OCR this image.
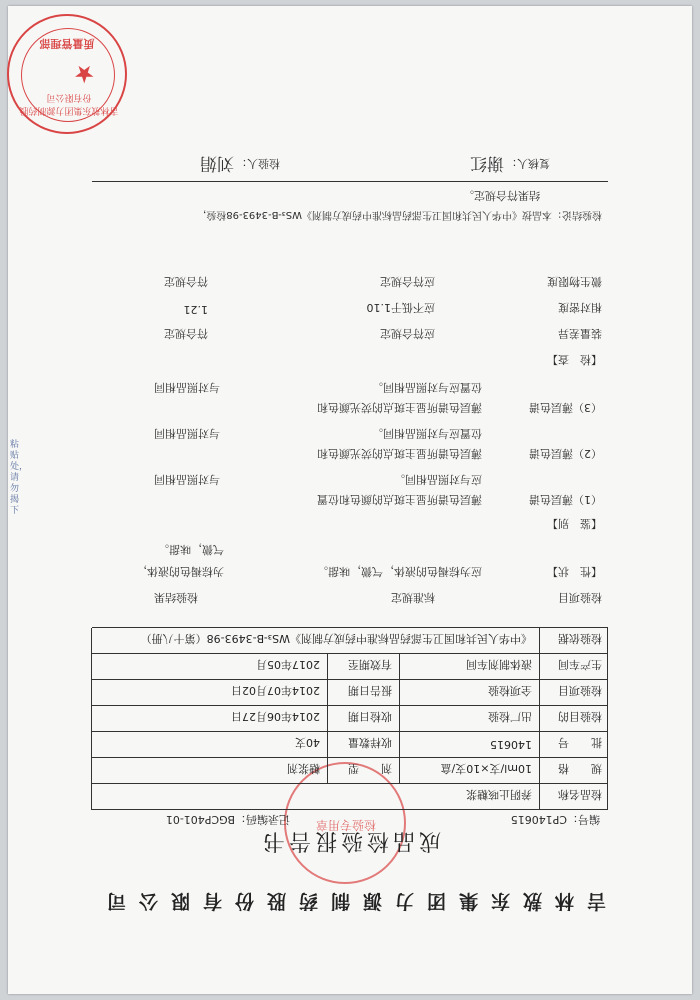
吉林敖东集团力源制药股份有限公司
★
质量管理部
检验专用章
吉林敖东集团力源制药股份有限公司
成品检验报告书
编号：CP140615
记录编码：BGCP401-01
检品名称
养阴止咳糖浆
规　　格
10ml/支×10支/盒
剂　　型
糖浆剂
批　　号
140615
收样数量
40支
检验目的
出厂检验
收检日期
2014年06月27日
检验项目
全项检验
报告日期
2014年07月02日
生产车间
液体制剂车间
有效期至
2017年05月
检验依据
《中华人民共和国卫生部药品标准中药成方制剂》WS₃-B-3493-98（第十八册）
检验项目
标准规定
检验结果
【性　状】
应为棕褐色的液体，气微，味甜。
为棕褐色的液体，
气微，味甜。
【鉴　别】
（1）薄层色谱
薄层色谱所显主斑点的颜色和位置
应与对照品相同。
与对照品相同
（2）薄层色谱
薄层色谱所显主斑点的荧光颜色和
位置应与对照品相同。
与对照品相同
（3）薄层色谱
薄层色谱所显主斑点的荧光颜色和
位置应与对照品相同。
与对照品相同
【检　查】
装量差异
应符合规定
符合规定
相对密度
应不低于1.10
1.21
微生物限度
应符合规定
符合规定
检验结论：本品按《中华人民共和国卫生部药品标准中药成方制剂》WS₃-B-3493-98检验，
结果符合规定。
复核人：
谢红
检验人：
刘娟
粘贴处，请勿揭下
